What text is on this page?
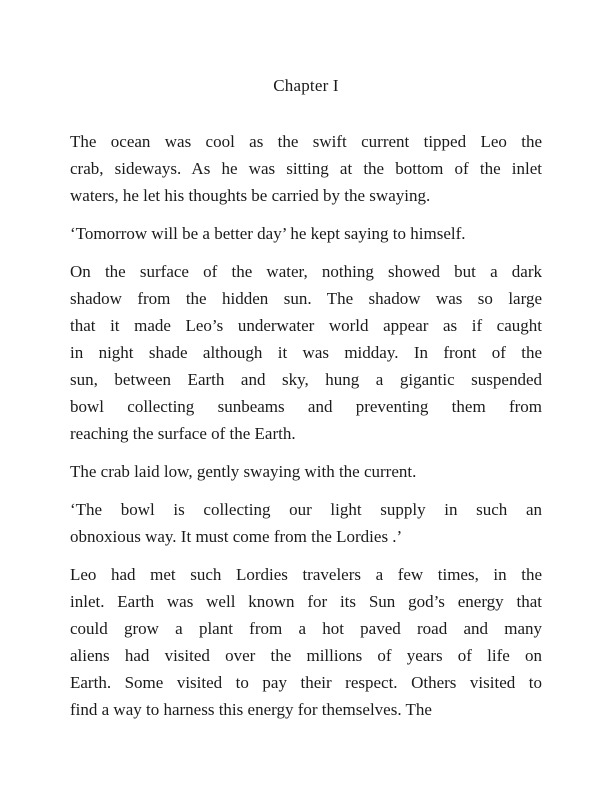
Chapter I
The ocean was cool as the swift current tipped Leo the
crab, sideways. As he was sitting at the bottom of the inlet
waters, he let his thoughts be carried by the swaying.
‘Tomorrow will be a better day’ he kept saying to himself.
On the surface of the water, nothing showed but a dark
shadow from the hidden sun. The shadow was so large
that it made Leo’s underwater world appear as if caught
in night shade although it was midday. In front of the
sun, between Earth and sky, hung a gigantic suspended
bowl collecting sunbeams and preventing them from
reaching the surface of the Earth.
The crab laid low, gently swaying with the current.
‘The bowl is collecting our light supply in such an
obnoxious way. It must come from the Lordies .’
Leo had met such Lordies travelers a few times, in the
inlet. Earth was well known for its Sun god’s energy that
could grow a plant from a hot paved road and many
aliens had visited over the millions of years of life on
Earth. Some visited to pay their respect. Others visited to
find a way to harness this energy for themselves. The
